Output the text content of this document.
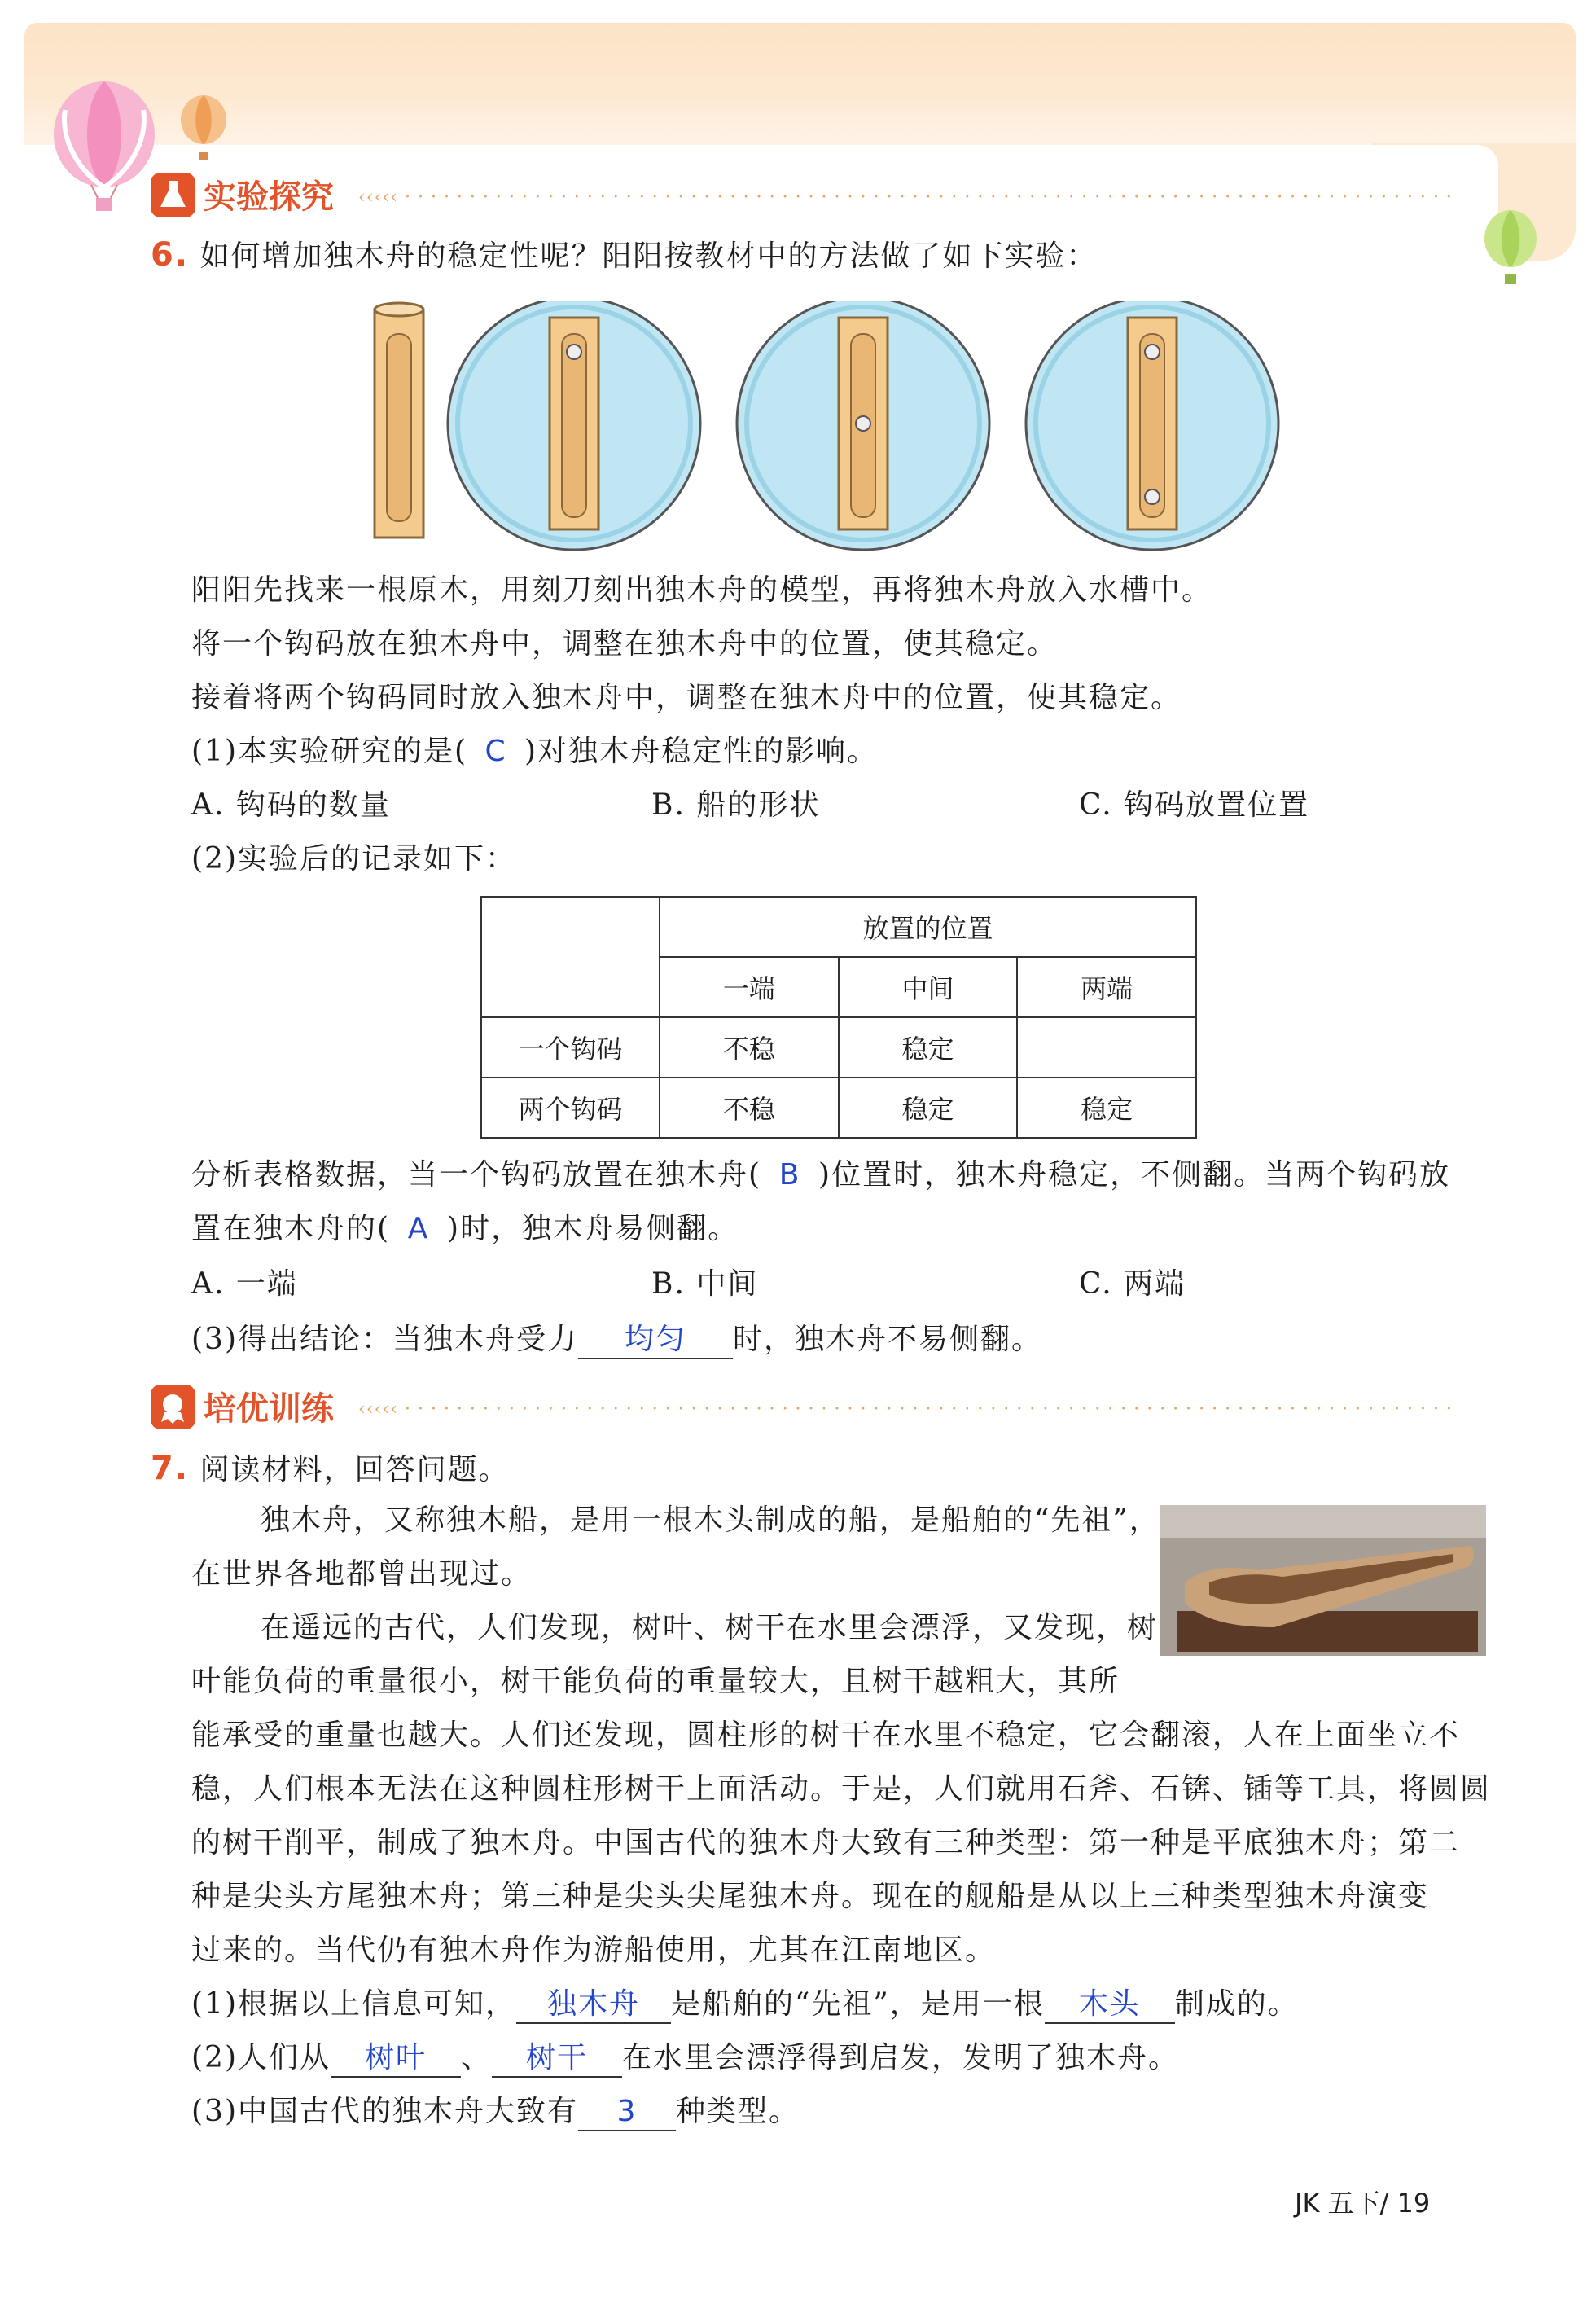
实验探究 ‹‹‹‹‹ · · · · · · · · · · · · · · · · · · · · · · · · · · · · · · · · · · · · · · · · · · · · · · · · · · · · · · · · · · · · · · · · · · · · · · · · · · · · · · · · ·
6. 如何增加独木舟的稳定性呢？阳阳按教材中的方法做了如下实验：
阳阳先找来一根原木，用刻刀刻出独木舟的模型，再将独木舟放入水槽中。
将一个钩码放在独木舟中，调整在独木舟中的位置，使其稳定。
接着将两个钩码同时放入独木舟中，调整在独木舟中的位置，使其稳定。
(1)本实验研究的是( C )对独木舟稳定性的影响。
A. 钩码的数量	B. 船的形状	C. 钩码放置位置
(2)实验后的记录如下：
	放置的位置		
	一端	中间	两端
一个钩码	不稳	稳定	
两个钩码	不稳	稳定	稳定
分析表格数据，当一个钩码放置在独木舟( B )位置时，独木舟稳定，不侧翻。当两个钩码放
置在独木舟的( A )时，独木舟易侧翻。
A. 一端	B. 中间	C. 两端
(3)得出结论：当独木舟受力 均匀 时，独木舟不易侧翻。
培优训练 ‹‹‹‹‹ · · · · · · · · · · · · · · · · · · · · · · · · · · · · · · · · · · · · · · · · · · · · · · · · · · · · · · · · · · · · · · · · · · · · · · · · · · · · · · · · ·
7. 阅读材料，回答问题。
独木舟，又称独木船，是用一根木头制成的船，是船舶的“先祖”，
在世界各地都曾出现过。
在遥远的古代，人们发现，树叶、树干在水里会漂浮，又发现，树
叶能负荷的重量很小，树干能负荷的重量较大，且树干越粗大，其所
能承受的重量也越大。人们还发现，圆柱形的树干在水里不稳定，它会翻滚，人在上面坐立不
稳，人们根本无法在这种圆柱形树干上面活动。于是，人们就用石斧、石锛、锸等工具，将圆圆
的树干削平，制成了独木舟。中国古代的独木舟大致有三种类型：第一种是平底独木舟；第二
种是尖头方尾独木舟；第三种是尖头尖尾独木舟。现在的舰船是从以上三种类型独木舟演变
过来的。当代仍有独木舟作为游船使用，尤其在江南地区。
(1)根据以上信息可知， 独木舟 是船舶的“先祖”，是用一根 木头 制成的。
(2)人们从 树叶 、 树干 在水里会漂浮得到启发，发明了独木舟。
(3)中国古代的独木舟大致有 3 种类型。
JK 五下/ 19
